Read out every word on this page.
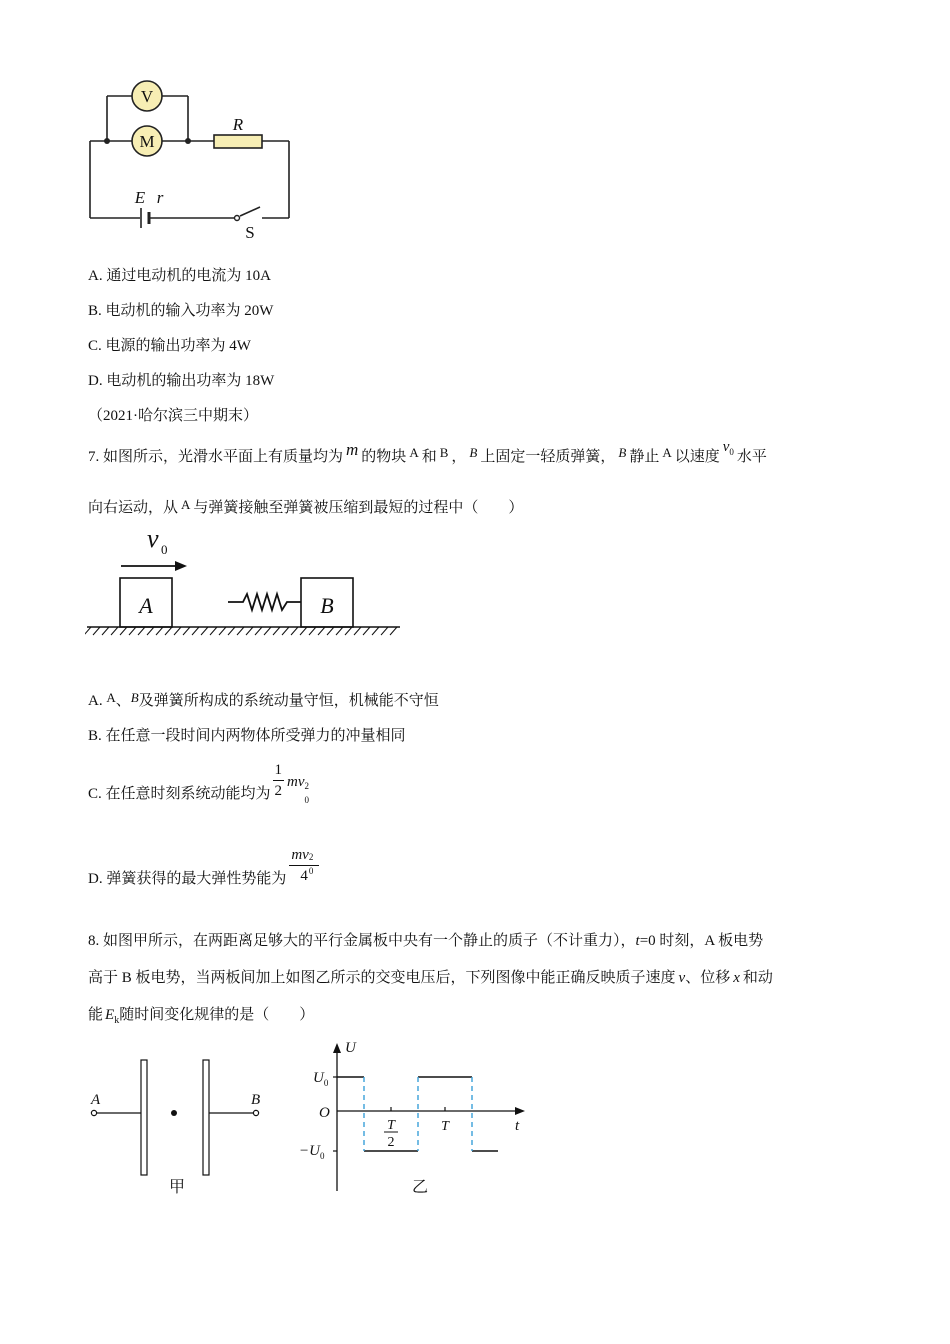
V
M
R
E r
S
A. 通过电动机的电流为 10A
B. 电动机的输入功率为 20W
C. 电源的输出功率为 4W
D. 电动机的输出功率为 18W
（2021·哈尔滨三中期末）
7. 如图所示，光滑水平面上有质量均为 m 的物块 A 和 B ， B 上固定一轻质弹簧， B 静止 A 以速度$v_0$ 水平
向右运动，从 A 与弹簧接触至弹簧被压缩到最短的过程中（　　）
v 0
A	B
A. A、B及弹簧所构成的系统动量守恒，机械能不守恒
B. 在任意一段时间内两物体所受弹力的冲量相同
C. 在任意时刻系统动能均为 $\frac{1}{2}$ mv 2
0
D. 弹簧获得的最大弹性势能为 mv 2
0
4
8. 如图甲所示，在两距离足够大的平行金属板中央有一个静止的质子（不计重力），t=0 时刻，A 板电势
高于 B 板电势，当两板间加上如图乙所示的交变电压后，下列图像中能正确反映质子速度 v、位移 x 和动
能 $E_k$随时间变化规律的是（　　）
A	B
甲
U
t
O
$U_0$
$-U_0$
T
2
T
乙
